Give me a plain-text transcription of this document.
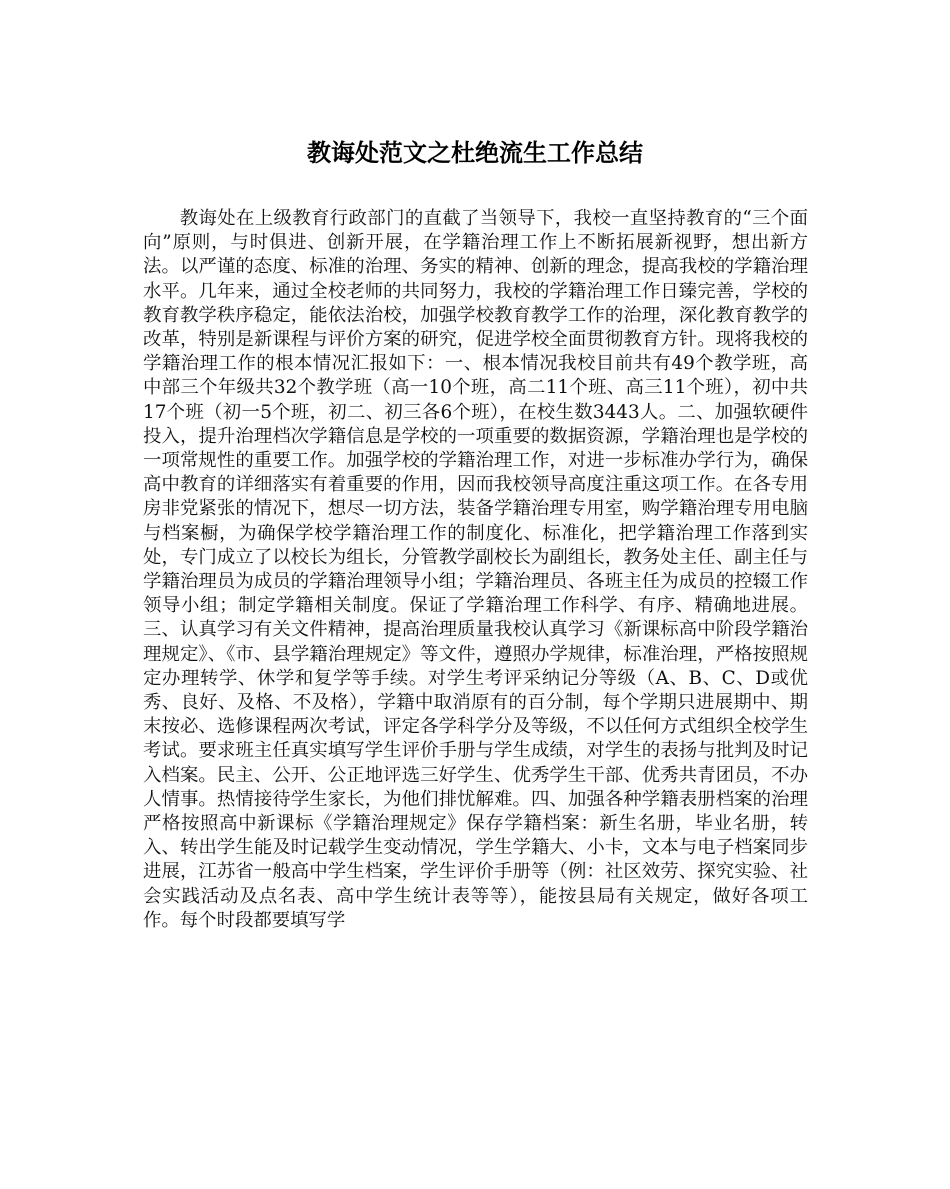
教诲处范文之杜绝流生工作总结

教诲处在上级教育行政部门的直截了当领导下，我校一直坚持教育的“三个面向”原则，与时俱进、创新开展，在学籍治理工作上不断拓展新视野，想出新方法。以严谨的态度、标准的治理、务实的精神、创新的理念，提高我校的学籍治理水平。几年来，通过全校老师的共同努力，我校的学籍治理工作日臻完善，学校的教育教学秩序稳定，能依法治校，加强学校教育教学工作的治理，深化教育教学的改革，特别是新课程与评价方案的研究，促进学校全面贯彻教育方针。现将我校的学籍治理工作的根本情况汇报如下：一、根本情况我校目前共有49个教学班，高中部三个年级共32个教学班（高一10个班，高二11个班、高三11个班），初中共17个班（初一5个班，初二、初三各6个班），在校生数3443人。二、加强软硬件投入，提升治理档次学籍信息是学校的一项重要的数据资源，学籍治理也是学校的一项常规性的重要工作。加强学校的学籍治理工作，对进一步标准办学行为，确保高中教育的详细落实有着重要的作用，因而我校领导高度注重这项工作。在各专用房非党紧张的情况下，想尽一切方法，装备学籍治理专用室，购学籍治理专用电脑与档案橱，为确保学校学籍治理工作的制度化、标准化，把学籍治理工作落到实处，专门成立了以校长为组长，分管教学副校长为副组长，教务处主任、副主任与学籍治理员为成员的学籍治理领导小组；学籍治理员、各班主任为成员的控辍工作领导小组；制定学籍相关制度。保证了学籍治理工作科学、有序、精确地进展。三、认真学习有关文件精神，提高治理质量我校认真学习《新课标高中阶段学籍治理规定》、《市、县学籍治理规定》等文件，遵照办学规律，标准治理，严格按照规定办理转学、休学和复学等手续。对学生考评采纳记分等级（A、B、C、D或优秀、良好、及格、不及格），学籍中取消原有的百分制，每个学期只进展期中、期末按必、选修课程两次考试，评定各学科学分及等级，不以任何方式组织全校学生考试。要求班主任真实填写学生评价手册与学生成绩，对学生的表扬与批判及时记入档案。民主、公开、公正地评选三好学生、优秀学生干部、优秀共青团员，不办人情事。热情接待学生家长，为他们排忧解难。四、加强各种学籍表册档案的治理严格按照高中新课标《学籍治理规定》保存学籍档案：新生名册，毕业名册，转入、转出学生能及时记载学生变动情况，学生学籍大、小卡，文本与电子档案同步进展，江苏省一般高中学生档案，学生评价手册等（例：社区效劳、探究实验、社会实践活动及点名表、高中学生统计表等等），能按县局有关规定，做好各项工作。每个时段都要填写学
